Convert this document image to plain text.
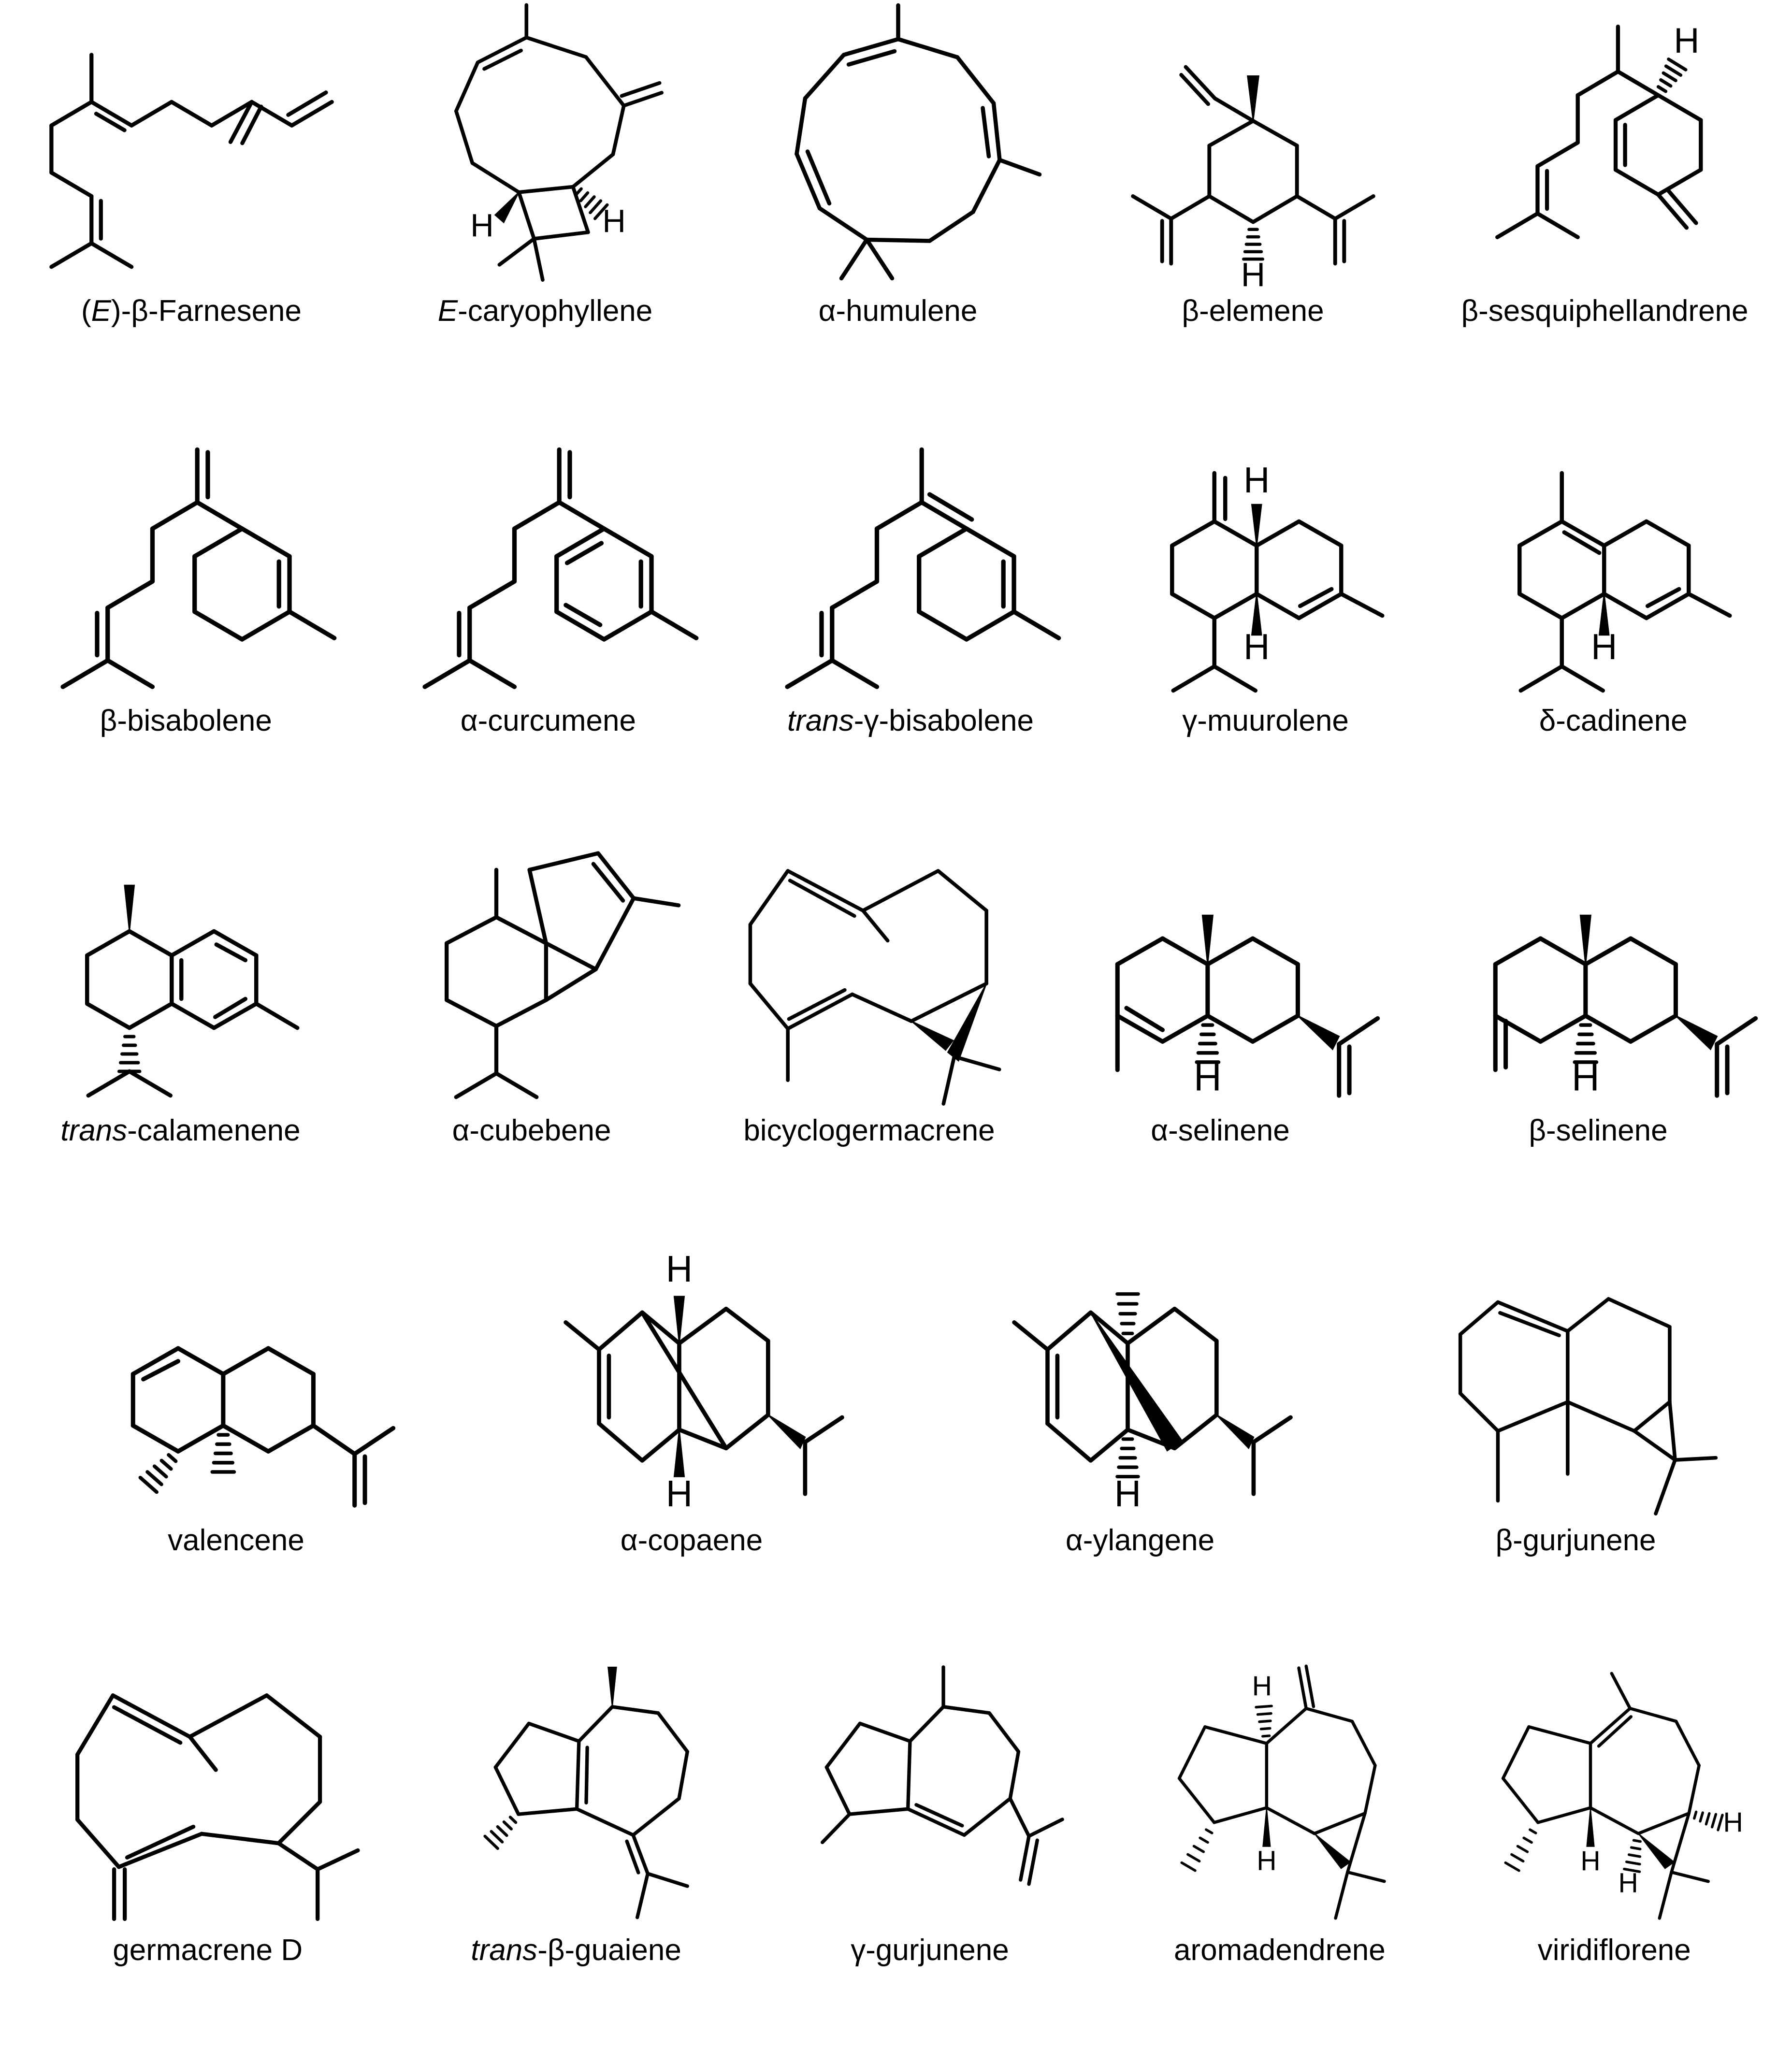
(E)-β-Farnesene
H	H
E-caryophyllene	α-humulene
H
β-elemene
H
β-sesquiphellandrene
β-bisabolene	α-curcumene	trans-γ-bisabolene
H
H
γ-muurolene
H
δ-cadinene
trans-calamenene	α-cubebene	bicyclogermacrene
H
α-selinene
H
β-selinene
valencene
H
H
α-copaene
H
α-ylangene	β-gurjunene
germacrene D	trans-β-guaiene	γ-gurjunene
H
H
aromadendrene
H
H
H
viridiflorene
